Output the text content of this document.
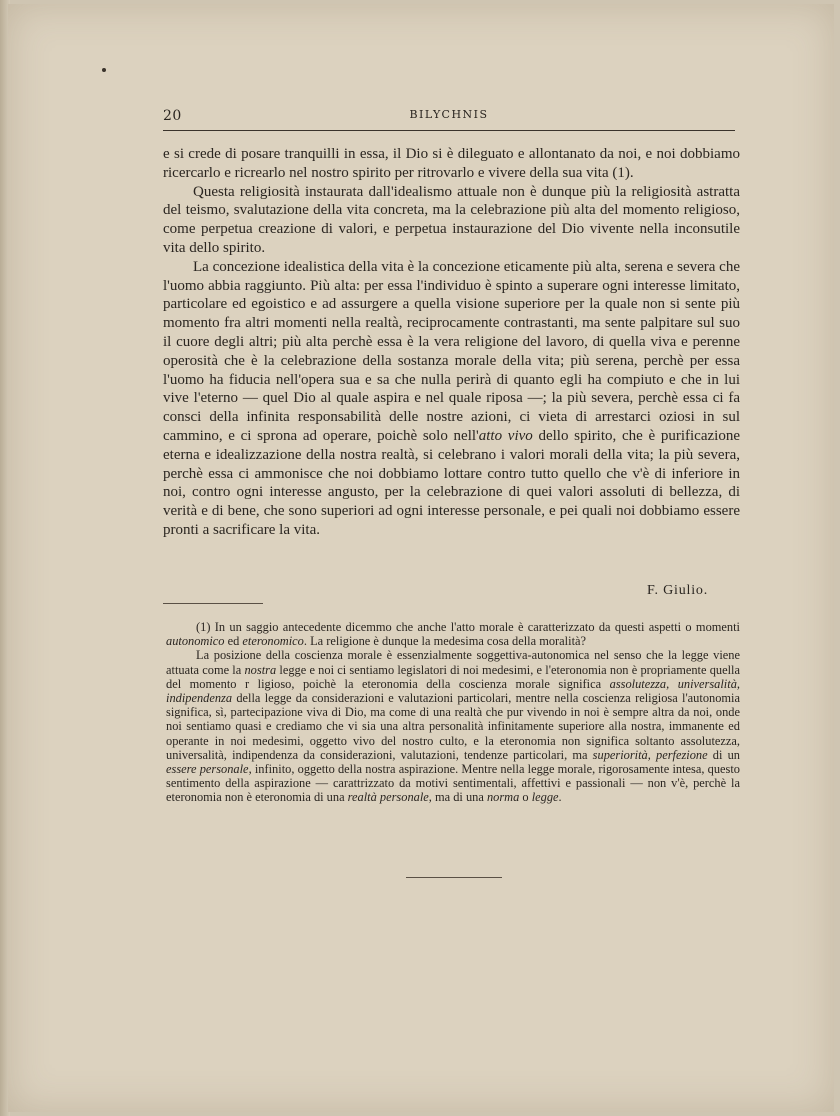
20	BILYCHNIS

e si crede di posare tranquilli in essa, il Dio si è dileguato e allontanato da noi, e noi dobbiamo ricercarlo e ricrearlo nel nostro spirito per ritrovarlo e vivere della sua vita (1).

Questa religiosità instaurata dall'idealismo attuale non è dunque più la religiosità astratta del teismo, svalutazione della vita concreta, ma la celebrazione più alta del momento religioso, come perpetua creazione di valori, e perpetua instaurazione del Dio vivente nella inconsutile vita dello spirito.

La concezione idealistica della vita è la concezione eticamente più alta, serena e severa che l'uomo abbia raggiunto. Più alta: per essa l'individuo è spinto a superare ogni interesse limitato, particolare ed egoistico e ad assurgere a quella visione superiore per la quale non si sente più momento fra altri momenti nella realtà, reciprocamente contrastanti, ma sente palpitare sul suo il cuore degli altri; più alta perchè essa è la vera religione del lavoro, di quella viva e perenne operosità che è la celebrazione della sostanza morale della vita; più serena, perchè per essa l'uomo ha fiducia nell'opera sua e sa che nulla perirà di quanto egli ha compiuto e che in lui vive l'eterno — quel Dio al quale aspira e nel quale riposa —; la più severa, perchè essa ci fa consci della infinita responsabilità delle nostre azioni, ci vieta di arrestarci oziosi in sul cammino, e ci sprona ad operare, poichè solo nell'atto vivo dello spirito, che è purificazione eterna e idealizzazione della nostra realtà, si celebrano i valori morali della vita; la più severa, perchè essa ci ammonisce che noi dobbiamo lottare contro tutto quello che v'è di inferiore in noi, contro ogni interesse angusto, per la celebrazione di quei valori assoluti di bellezza, di verità e di bene, che sono superiori ad ogni interesse personale, e pei quali noi dobbiamo essere pronti a sacrificare la vita.

F. Giulio.

(1) In un saggio antecedente dicemmo che anche l'atto morale è caratterizzato da questi aspetti o momenti autonomico ed eteronomico. La religione è dunque la medesima cosa della moralità?

La posizione della coscienza morale è essenzialmente soggettiva-autonomica nel senso che la legge viene attuata come la nostra legge e noi ci sentiamo legislatori di noi medesimi, e l'eteronomia non è propriamente quella del momento r ligioso, poichè la eteronomia della coscienza morale significa assolutezza, universalità, indipendenza della legge da considerazioni e valutazioni particolari, mentre nella coscienza religiosa l'autonomia significa, sì, partecipazione viva di Dio, ma come di una realtà che pur vivendo in noi è sempre altra da noi, onde noi sentiamo quasi e crediamo che vi sia una altra personalità infinitamente superiore alla nostra, immanente ed operante in noi medesimi, oggetto vivo del nostro culto, e la eteronomia non significa soltanto assolutezza, universalità, indipendenza da considerazioni, valutazioni, tendenze particolari, ma superiorità, perfezione di un essere personale, infinito, oggetto della nostra aspirazione. Mentre nella legge morale, rigorosamente intesa, questo sentimento della aspirazione — carattrizzato da motivi sentimentali, affettivi e passionali — non v'è, perchè la eteronomia non è eteronomia di una realtà personale, ma di una norma o legge.
